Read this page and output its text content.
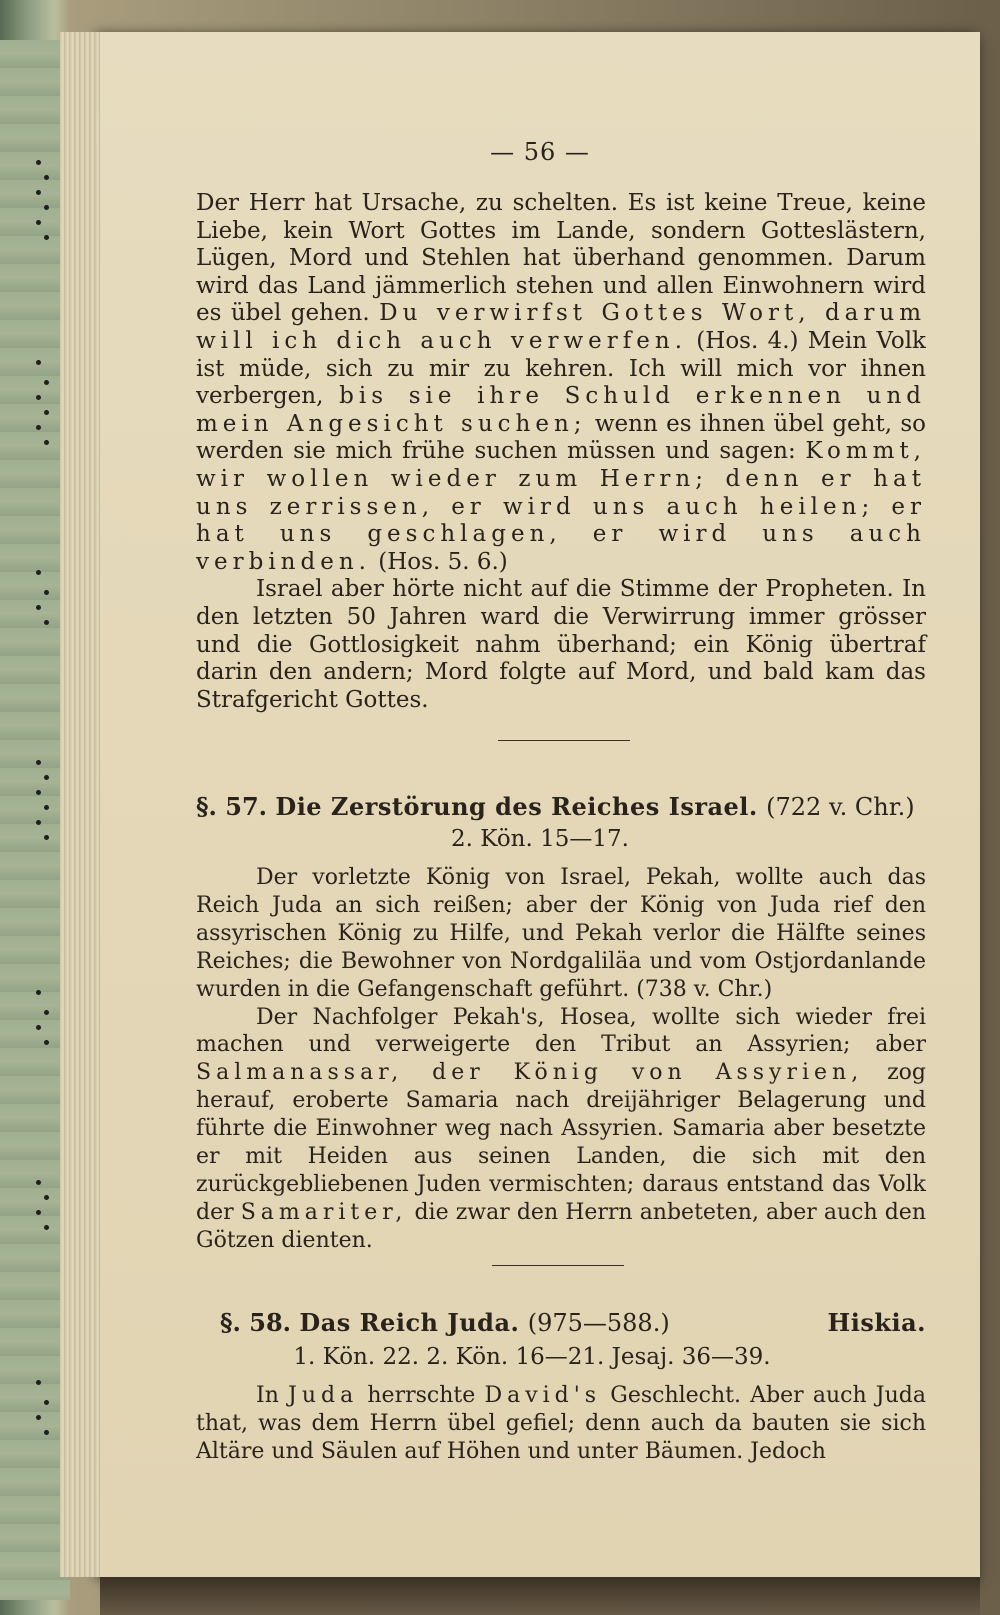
— 56 —

Der Herr hat Ursache, zu schelten. Es ist keine Treue, keine Liebe, kein Wort Gottes im Lande, sondern Gotteslästern, Lügen, Mord und Stehlen hat überhand genommen. Darum wird das Land jämmerlich stehen und allen Einwohnern wird es übel gehen. Du verwirfst Gottes Wort, darum will ich dich auch verwerfen. (Hos. 4.) Mein Volk ist müde, sich zu mir zu kehren. Ich will mich vor ihnen verbergen, bis sie ihre Schuld erkennen und mein Angesicht suchen; wenn es ihnen übel geht, so werden sie mich frühe suchen müssen und sagen: Kommt, wir wollen wieder zum Herrn; denn er hat uns zerrissen, er wird uns auch heilen; er hat uns geschlagen, er wird uns auch verbinden. (Hos. 5. 6.)

Israel aber hörte nicht auf die Stimme der Propheten. In den letzten 50 Jahren ward die Verwirrung immer grösser und die Gottlosigkeit nahm überhand; ein König übertraf darin den andern; Mord folgte auf Mord, und bald kam das Strafgericht Gottes.

§. 57. Die Zerstörung des Reiches Israel. (722 v. Chr.)
2. Kön. 15—17.

Der vorletzte König von Israel, Pekah, wollte auch das Reich Juda an sich reißen; aber der König von Juda rief den assyrischen König zu Hilfe, und Pekah verlor die Hälfte seines Reiches; die Bewohner von Nordgaliläa und vom Ostjordanlande wurden in die Gefangenschaft geführt. (738 v. Chr.)

Der Nachfolger Pekah's, Hosea, wollte sich wieder frei machen und verweigerte den Tribut an Assyrien; aber Salmanassar, der König von Assyrien, zog herauf, eroberte Samaria nach dreijähriger Belagerung und führte die Einwohner weg nach Assyrien. Samaria aber besetzte er mit Heiden aus seinen Landen, die sich mit den zurückgebliebenen Juden vermischten; daraus entstand das Volk der Samariter, die zwar den Herrn anbeteten, aber auch den Götzen dienten.

§. 58. Das Reich Juda. (975—588.)	Hiskia.
1. Kön. 22. 2. Kön. 16—21. Jesaj. 36—39.

In Juda herrschte David's Geschlecht. Aber auch Juda that, was dem Herrn übel gefiel; denn auch da bauten sie sich Altäre und Säulen auf Höhen und unter Bäumen. Jedoch
